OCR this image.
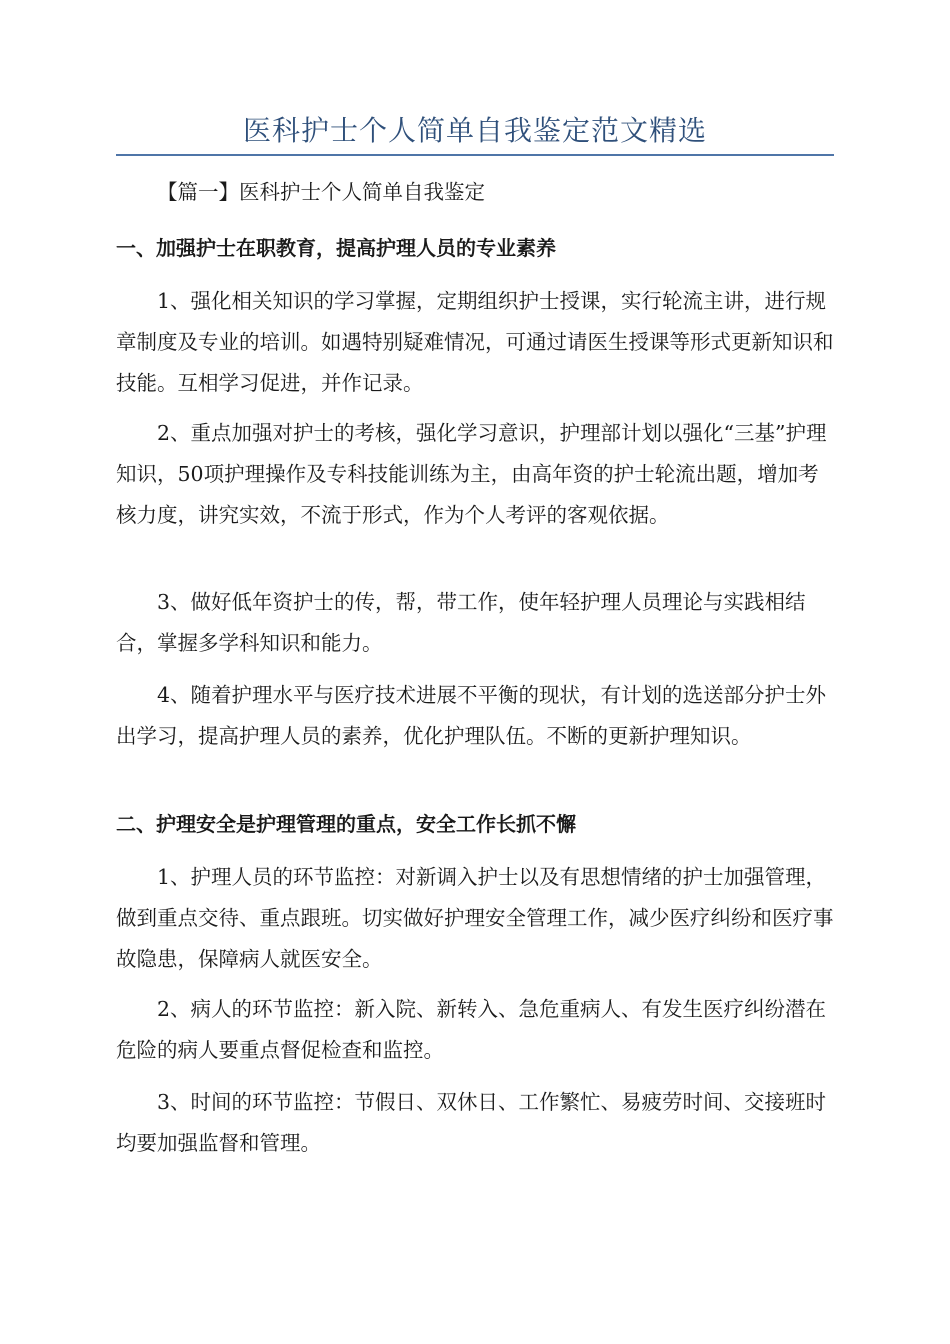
医科护士个人简单自我鉴定范文精选

【篇一】医科护士个人简单自我鉴定

一、加强护士在职教育，提高护理人员的专业素养

1、强化相关知识的学习掌握，定期组织护士授课，实行轮流主讲，进行规章制度及专业的培训。如遇特别疑难情况，可通过请医生授课等形式更新知识和技能。互相学习促进，并作记录。

2、重点加强对护士的考核，强化学习意识，护理部计划以强化“三基”护理知识，50项护理操作及专科技能训练为主，由高年资的护士轮流出题，增加考核力度，讲究实效，不流于形式，作为个人考评的客观依据。

3、做好低年资护士的传，帮，带工作，使年轻护理人员理论与实践相结合，掌握多学科知识和能力。

4、随着护理水平与医疗技术进展不平衡的现状，有计划的选送部分护士外出学习，提高护理人员的素养，优化护理队伍。不断的更新护理知识。

二、护理安全是护理管理的重点，安全工作长抓不懈

1、护理人员的环节监控：对新调入护士以及有思想情绪的护士加强管理，做到重点交待、重点跟班。切实做好护理安全管理工作，减少医疗纠纷和医疗事故隐患，保障病人就医安全。

2、病人的环节监控：新入院、新转入、急危重病人、有发生医疗纠纷潜在危险的病人要重点督促检查和监控。

3、时间的环节监控：节假日、双休日、工作繁忙、易疲劳时间、交接班时均要加强监督和管理。
